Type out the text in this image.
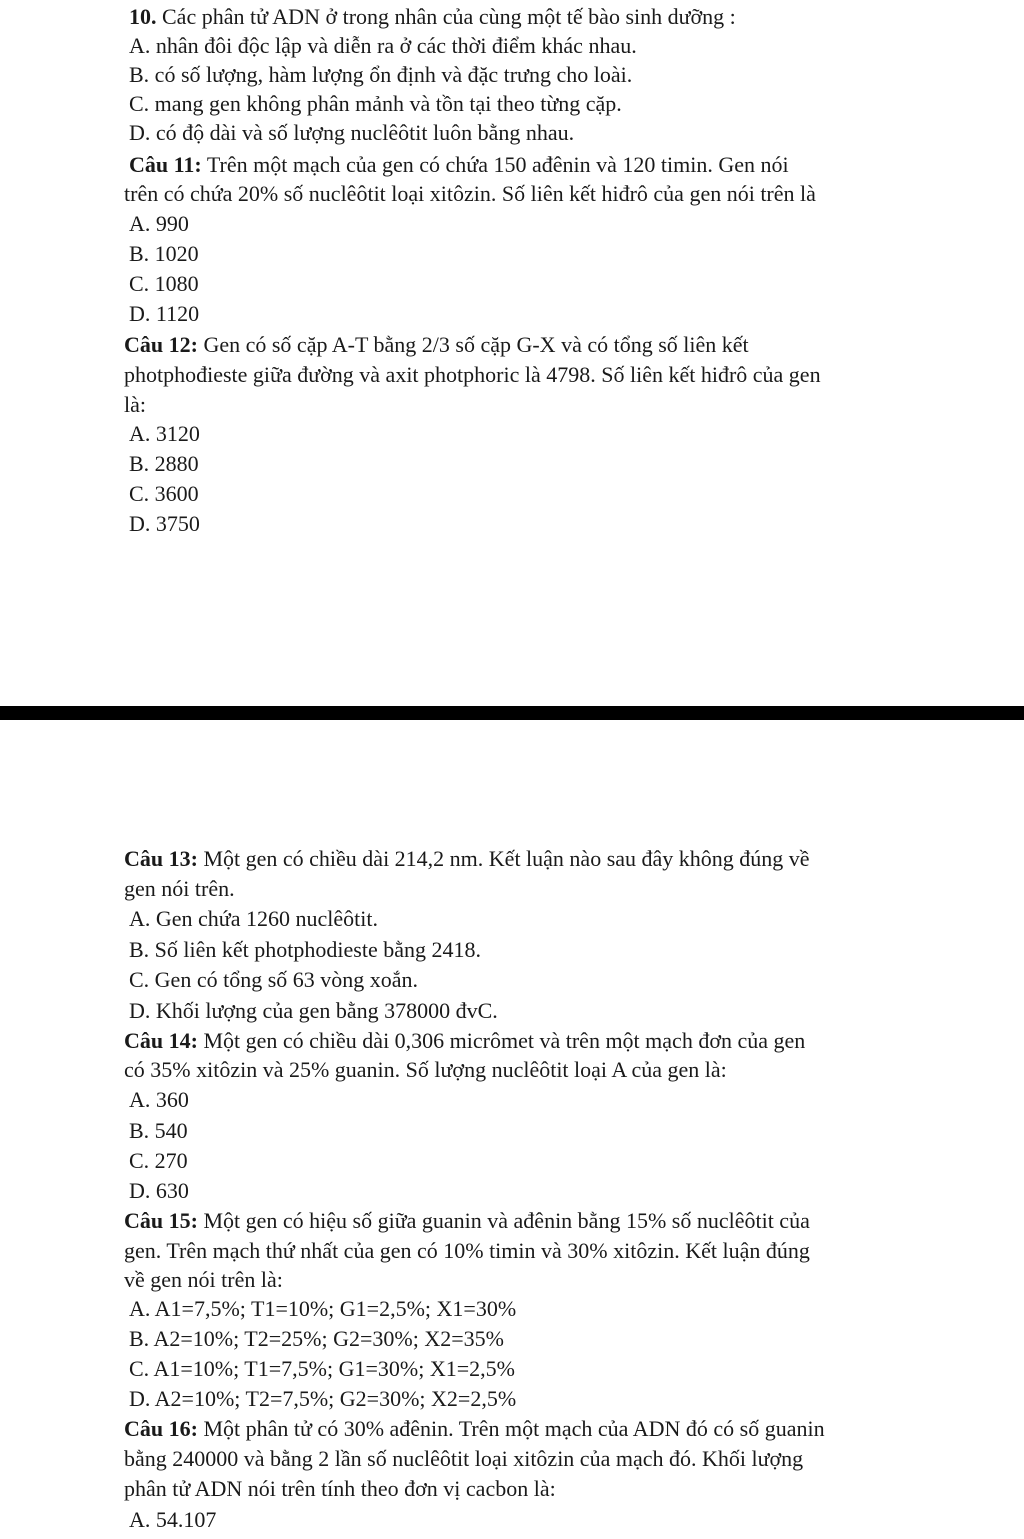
10. Các phân tử ADN ở trong nhân của cùng một tế bào sinh dưỡng :
A. nhân đôi độc lập và diễn ra ở các thời điểm khác nhau.
B. có số lượng, hàm lượng ổn định và đặc trưng cho loài.
C. mang gen không phân mảnh và tồn tại theo từng cặp.
D. có độ dài và số lượng nuclêôtit luôn bằng nhau.
Câu 11: Trên một mạch của gen có chứa 150 ađênin và 120 timin. Gen nói
trên có chứa 20% số nuclêôtit loại xitôzin. Số liên kết hiđrô của gen nói trên là
A. 990
B. 1020
C. 1080
D. 1120
Câu 12: Gen có số cặp A-T bằng 2/3 số cặp G-X và có tổng số liên kết
photphođieste giữa đường và axit photphoric là 4798. Số liên kết hiđrô của gen
là:
A. 3120
B. 2880
C. 3600
D. 3750
Câu 13: Một gen có chiều dài 214,2 nm. Kết luận nào sau đây không đúng về
gen nói trên.
A. Gen chứa 1260 nuclêôtit.
B. Số liên kết photphodieste bằng 2418.
C. Gen có tổng số 63 vòng xoắn.
D. Khối lượng của gen bằng 378000 đvC.
Câu 14: Một gen có chiều dài 0,306 micrômet và trên một mạch đơn của gen
có 35% xitôzin và 25% guanin. Số lượng nuclêôtit loại A của gen là:
A. 360
B. 540
C. 270
D. 630
Câu 15: Một gen có hiệu số giữa guanin và ađênin bằng 15% số nuclêôtit của
gen. Trên mạch thứ nhất của gen có 10% timin và 30% xitôzin. Kết luận đúng
về gen nói trên là:
A. A1=7,5%; T1=10%; G1=2,5%; X1=30%
B. A2=10%; T2=25%; G2=30%; X2=35%
C. A1=10%; T1=7,5%; G1=30%; X1=2,5%
D. A2=10%; T2=7,5%; G2=30%; X2=2,5%
Câu 16: Một phân tử có 30% ađênin. Trên một mạch của ADN đó có số guanin
bằng 240000 và bằng 2 lần số nuclêôtit loại xitôzin của mạch đó. Khối lượng
phân tử ADN nói trên tính theo đơn vị cacbon là:
A. 54.107
